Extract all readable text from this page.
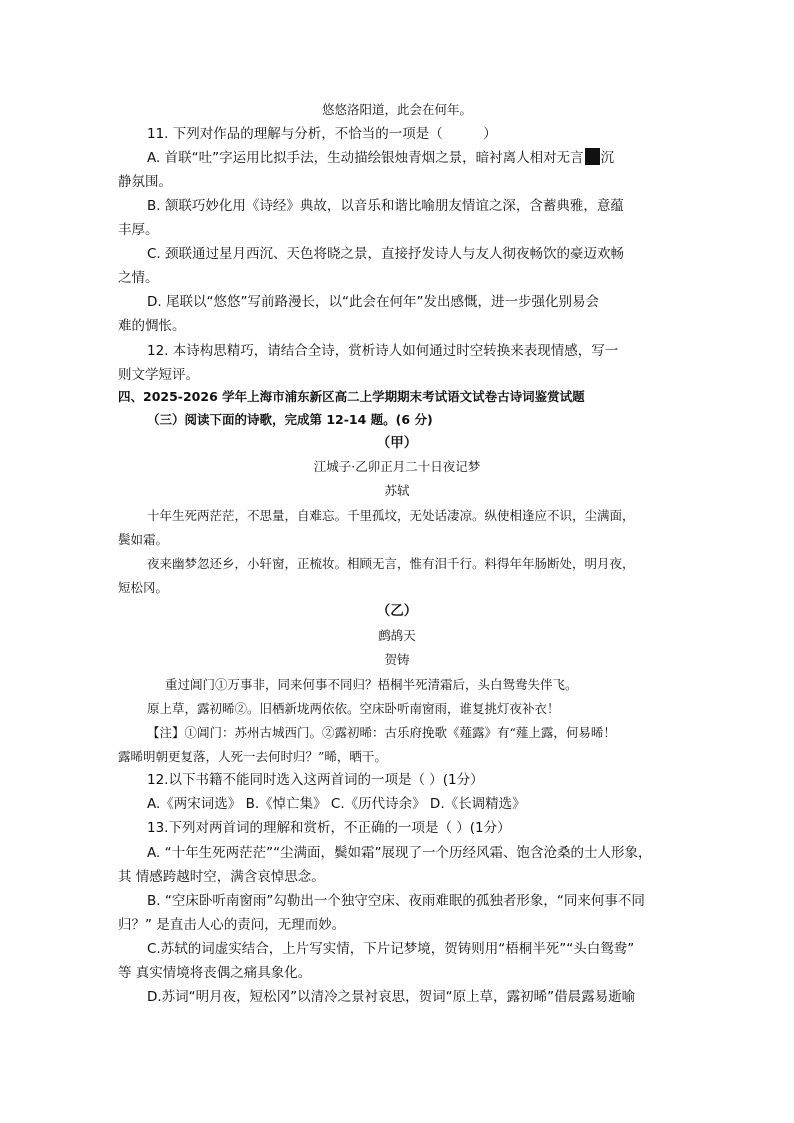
悠悠洛阳道，此会在何年。
11. 下列对作品的理解与分析，不恰当的一项是（　　　）
A. 首联“吐”字运用比拟手法，生动描绘银烛青烟之景，暗衬离人相对无言 沉
静氛围。
B. 颔联巧妙化用《诗经》典故，以音乐和谐比喻朋友情谊之深，含蓄典雅，意蕴
丰厚。
C. 颈联通过星月西沉、天色将晓之景，直接抒发诗人与友人彻夜畅饮的豪迈欢畅
之情。
D. 尾联以“悠悠”写前路漫长，以“此会在何年”发出感慨，进一步强化别易会
难的惆怅。
12. 本诗构思精巧，请结合全诗，赏析诗人如何通过时空转换来表现情感，写一
则文学短评。
四、2025-2026 学年上海市浦东新区高二上学期期末考试语文试卷古诗词鉴赏试题
（三）阅读下面的诗歌，完成第 12-14 题。(6 分)
（甲）
江城子·乙卯正月二十日夜记梦
苏轼
十年生死两茫茫，不思量，自难忘。千里孤坟，无处话凄凉。纵使相逢应不识，尘满面，
鬓如霜。
夜来幽梦忽还乡，小轩窗，正梳妆。相顾无言，惟有泪千行。料得年年肠断处，明月夜，
短松冈。
（乙）
鹧鸪天
贺铸
重过阊门①万事非，同来何事不同归？梧桐半死清霜后，头白鸳鸯失伴飞。
原上草，露初晞②。旧栖新垅两依依。空床卧听南窗雨，谁复挑灯夜补衣！
【注】①阊门：苏州古城西门。②露初晞：古乐府挽歌《薤露》有“薤上露，何易晞！
露晞明朝更复落，人死一去何时归？”晞，晒干。
12.以下书籍不能同时选入这两首词的一项是（ ）(1分）
A.《两宋词选》 B.《悼亡集》 C.《历代诗余》 D.《长调精选》
13.下列对两首词的理解和赏析，不正确的一项是（ ）(1分）
A. “十年生死两茫茫”“尘满面，鬓如霜”展现了一个历经风霜、饱含沧桑的士人形象，
其 情感跨越时空，满含哀悼思念。
B. “空床卧听南窗雨”勾勒出一个独守空床、夜雨难眠的孤独者形象，“同来何事不同
归？” 是直击人心的责问，无理而妙。
C.苏轼的词虚实结合，上片写实情，下片记梦境，贺铸则用“梧桐半死”“头白鸳鸯”
等 真实情境将丧偶之痛具象化。
D.苏词“明月夜，短松冈”以清冷之景衬哀思，贺词“原上草，露初晞”借晨露易逝喻
